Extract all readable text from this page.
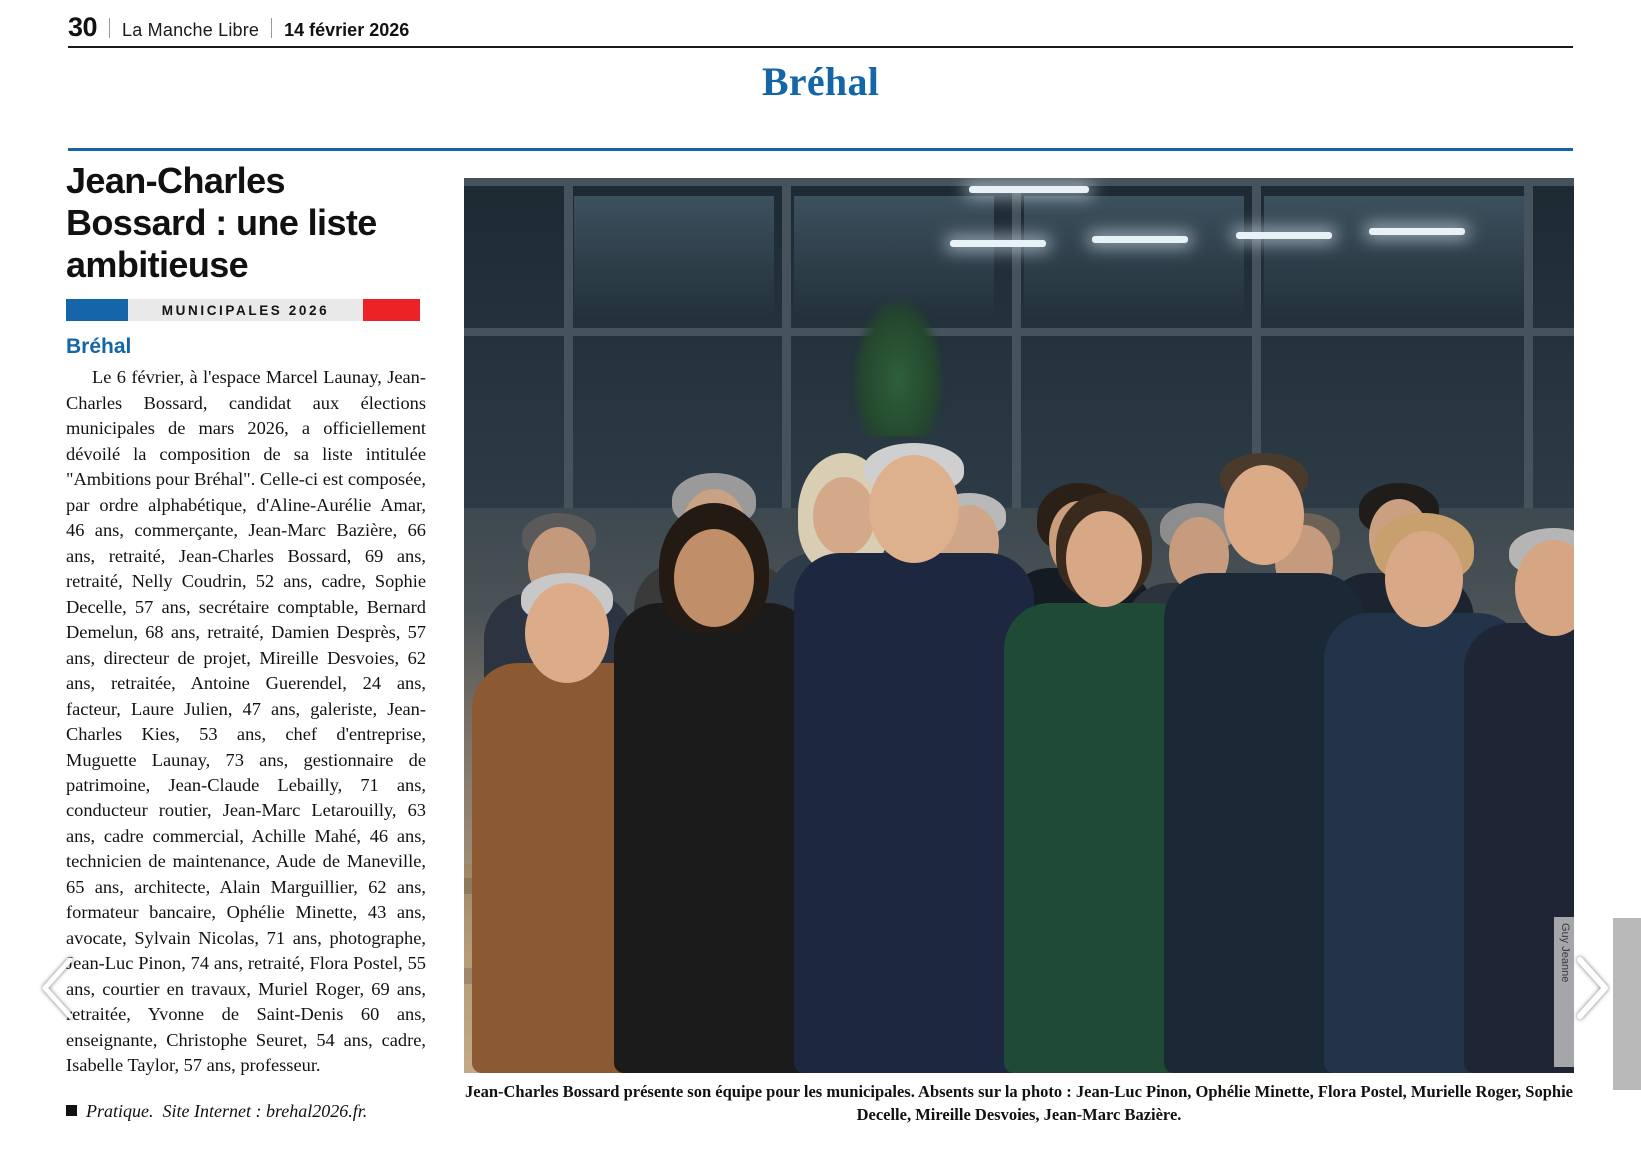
30 La Manche Libre 14 février 2026
Bréhal
Jean-Charles Bossard : une liste ambitieuse
MUNICIPALES 2026
Bréhal

Le 6 février, à l'espace Marcel Launay, Jean-Charles Bossard, candidat aux élections municipales de mars 2026, a officiellement dévoilé la composition de sa liste intitulée "Ambitions pour Bréhal". Celle-ci est composée, par ordre alphabétique, d'Aline-Aurélie Amar, 46 ans, commerçante, Jean-Marc Bazière, 66 ans, retraité, Jean-Charles Bossard, 69 ans, retraité, Nelly Coudrin, 52 ans, cadre, Sophie Decelle, 57 ans, secrétaire comptable, Bernard Demelun, 68 ans, retraité, Damien Desprès, 57 ans, directeur de projet, Mireille Desvoies, 62 ans, retraitée, Antoine Guerendel, 24 ans, facteur, Laure Julien, 47 ans, galeriste, Jean-Charles Kies, 53 ans, chef d'entreprise, Muguette Launay, 73 ans, gestionnaire de patrimoine, Jean-Claude Lebailly, 71 ans, conducteur routier, Jean-Marc Letarouilly, 63 ans, cadre commercial, Achille Mahé, 46 ans, technicien de maintenance, Aude de Maneville, 65 ans, architecte, Alain Marguillier, 62 ans, formateur bancaire, Ophélie Minette, 43 ans, avocate, Sylvain Nicolas, 71 ans, photographe, Jean-Luc Pinon, 74 ans, retraité, Flora Postel, 55 ans, courtier en travaux, Muriel Roger, 69 ans, retraitée, Yvonne de Saint-Denis 60 ans, enseignante, Christophe Seuret, 54 ans, cadre, Isabelle Taylor, 57 ans, professeur.

Pratique. Site Internet : brehal2026.fr.
Guy Jeanne
Jean-Charles Bossard présente son équipe pour les municipales. Absents sur la photo : Jean-Luc Pinon, Ophélie Minette, Flora Postel, Murielle Roger, Sophie Decelle, Mireille Desvoies, Jean-Marc Bazière.
